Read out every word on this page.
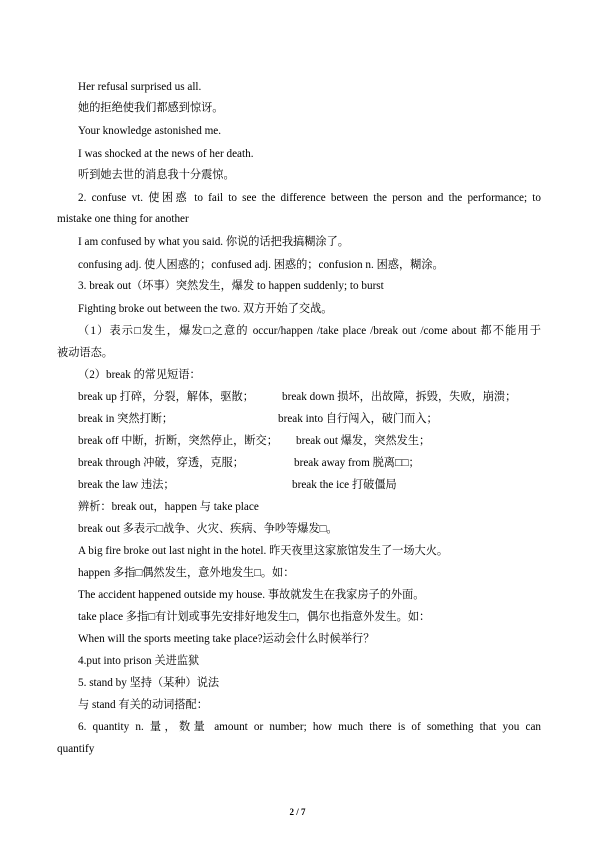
Her refusal surprised us all.
她的拒绝使我们都感到惊讶。
Your knowledge astonished me.
I was shocked at the news of her death.
听到她去世的消息我十分震惊。
2. confuse vt. 使困惑 to fail to see the difference between the person and the performance; to
mistake one thing for another
I am confused by what you said. 你说的话把我搞糊涂了。
confusing adj. 使人困惑的；confused adj. 困惑的；confusion n. 困惑，糊涂。
3. break out（坏事）突然发生，爆发 to happen suddenly; to burst
Fighting broke out between the two. 双方开始了交战。
（1）表示□发生，爆发□之意的 occur/happen /take place /break out /come about 都不能用于
被动语态。
（2）break 的常见短语：
break up 打碎，分裂，解体，驱散；	break down 损坏，出故障，拆毁，失败，崩溃；
break in 突然打断；	break into 自行闯入，破门而入；
break off 中断，折断，突然停止，断交； break out 爆发，突然发生；
break through 冲破，穿透，克服；	break away from 脱离□□；
break the law 违法；	break the ice 打破僵局
辨析：break out，happen 与 take place
break out 多表示□战争、火灾、疾病、争吵等爆发□。
A big fire broke out last night in the hotel. 昨天夜里这家旅馆发生了一场大火。
happen 多指□偶然发生，意外地发生□。如：
The accident happened outside my house. 事故就发生在我家房子的外面。
take place 多指□有计划或事先安排好地发生□，偶尔也指意外发生。如：
When will the sports meeting take place?运动会什么时候举行？
4.put into prison 关进监狱
5. stand by 坚持（某种）说法
与 stand 有关的动词搭配：
6. quantity n. 量，数量 amount or number; how much there is of something that you can
quantify
2 / 7
